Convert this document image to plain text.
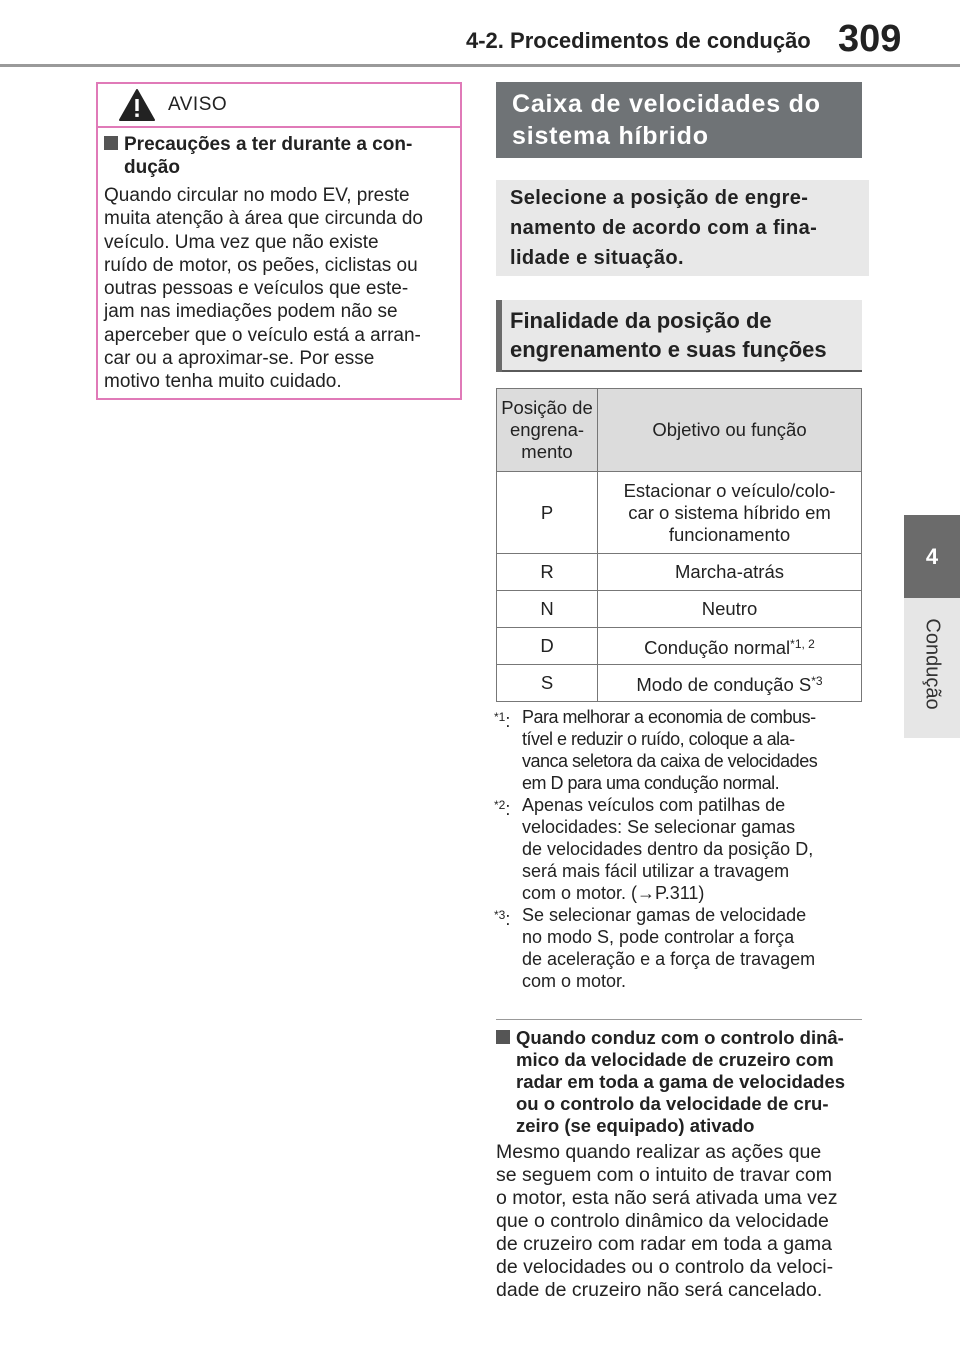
4-2. Procedimentos de condução 309
4
Condução
AVISO
Precauções a ter durante a con-
dução
Quando circular no modo EV, preste
muita atenção à área que circunda do
veículo. Uma vez que não existe
ruído de motor, os peões, ciclistas ou
outras pessoas e veículos que este-
jam nas imediações podem não se
aperceber que o veículo está a arran-
car ou a aproximar-se. Por esse
motivo tenha muito cuidado.
Caixa de velocidades do
sistema híbrido
Selecione a posição de engre-
namento de acordo com a fina-
lidade e situação.
Finalidade da posição de
engrenamento e suas funções
Posição de
engrena-
mento	Objetivo ou função
P	Estacionar o veículo/colo-
car o sistema híbrido em
funcionamento

R	Marcha-atrás
N	Neutro
D	Condução normal$^{*1, 2}$
S	Modo de condução $S^{*3}$
$^{*1}$: Para melhorar a economia de combus-
tível e reduzir o ruído, coloque a ala-
vanca seletora da caixa de velocidades
em D para uma condução normal.
$^{*2}$: Apenas veículos com patilhas de
velocidades: Se selecionar gamas
de velocidades dentro da posição D,
será mais fácil utilizar a travagem
com o motor. (→P.311)
$^{*3}$: Se selecionar gamas de velocidade
no modo S, pode controlar a força
de aceleração e a força de travagem
com o motor.
Quando conduz com o controlo dinâ-
mico da velocidade de cruzeiro com
radar em toda a gama de velocidades
ou o controlo da velocidade de cru-
zeiro (se equipado) ativado
Mesmo quando realizar as ações que
se seguem com o intuito de travar com
o motor, esta não será ativada uma vez
que o controlo dinâmico da velocidade
de cruzeiro com radar em toda a gama
de velocidades ou o controlo da veloci-
dade de cruzeiro não será cancelado.
